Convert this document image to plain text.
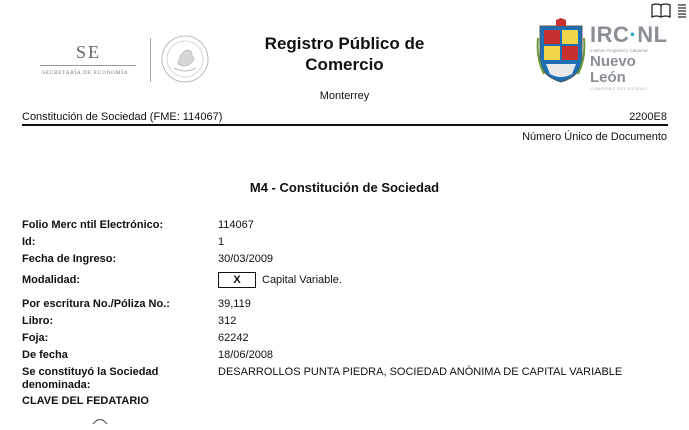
SE
SECRETARÍA DE ECONOMÍA
Registro Público de
Comercio
Monterrey
IRC·NL
Instituto Registral y Catastral
Nuevo León
GOBIERNO DEL ESTADO
Constitución de Sociedad (FME: 114067)	2200E8
Número Único de Documento
M4 - Constitución de Sociedad
Folio Merc ntil Electrónico:	114067
Id:	1
Fecha de Ingreso:	30/03/2009
Modalidad:	X	Capital Variable.
Por escritura No./Póliza No.:	39,119
Libro:	312
Foja:	62242
De fecha	18/06/2008
Se constituyó la Sociedad
denominada:
DESARROLLOS PUNTA PIEDRA, SOCIEDAD ANÓNIMA DE CAPITAL VARIABLE
CLAVE DEL FEDATARIO
